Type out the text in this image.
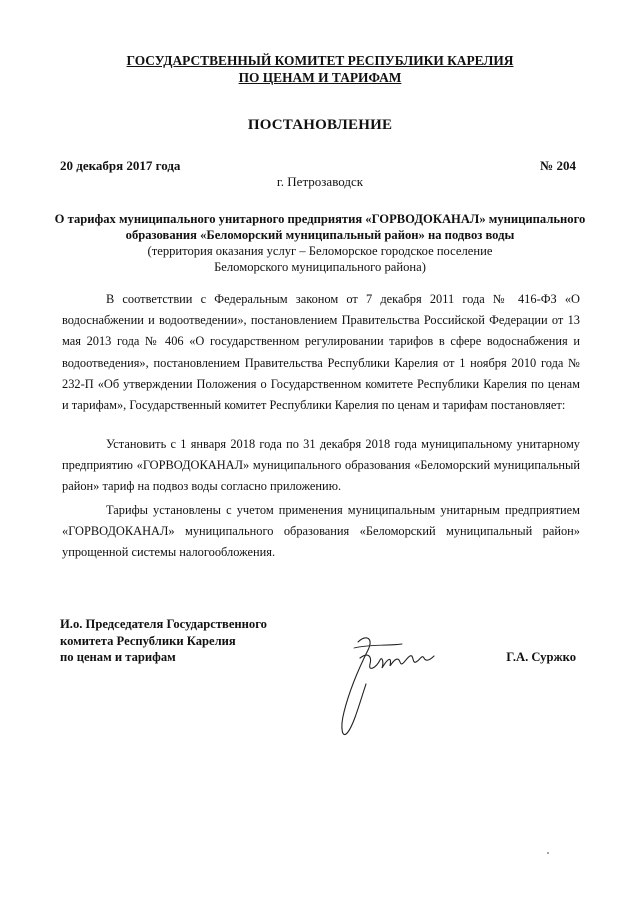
ГОСУДАРСТВЕННЫЙ КОМИТЕТ РЕСПУБЛИКИ КАРЕЛИЯ
ПО ЦЕНАМ И ТАРИФАМ
ПОСТАНОВЛЕНИЕ
20 декабря 2017 года	№ 204
г. Петрозаводск
О тарифах муниципального унитарного предприятия «ГОРВОДОКАНАЛ» муниципального
образования «Беломорский муниципальный район» на подвоз воды
(территория оказания услуг – Беломорское городское поселение
Беломорского муниципального района)

В соответствии с Федеральным законом от 7 декабря 2011 года № 416-ФЗ «О водоснабжении и водоотведении», постановлением Правительства Российской Федерации от 13 мая 2013 года № 406 «О государственном регулировании тарифов в сфере водоснабжения и водоотведения», постановлением Правительства Республики Карелия от 1 ноября 2010 года № 232-П «Об утверждении Положения о Государственном комитете Республики Карелия по ценам и тарифам», Государственный комитет Республики Карелия по ценам и тарифам постановляет:

Установить с 1 января 2018 года по 31 декабря 2018 года муниципальному унитарному предприятию «ГОРВОДОКАНАЛ» муниципального образования «Беломорский муниципальный район» тариф на подвоз воды согласно приложению.

Тарифы установлены с учетом применения муниципальным унитарным предприятием «ГОРВОДОКАНАЛ» муниципального образования «Беломорский муниципальный район» упрощенной системы налогообложения.

И.о. Председателя Государственного
комитета Республики Карелия
по ценам и тарифам	Г.А. Суржко
